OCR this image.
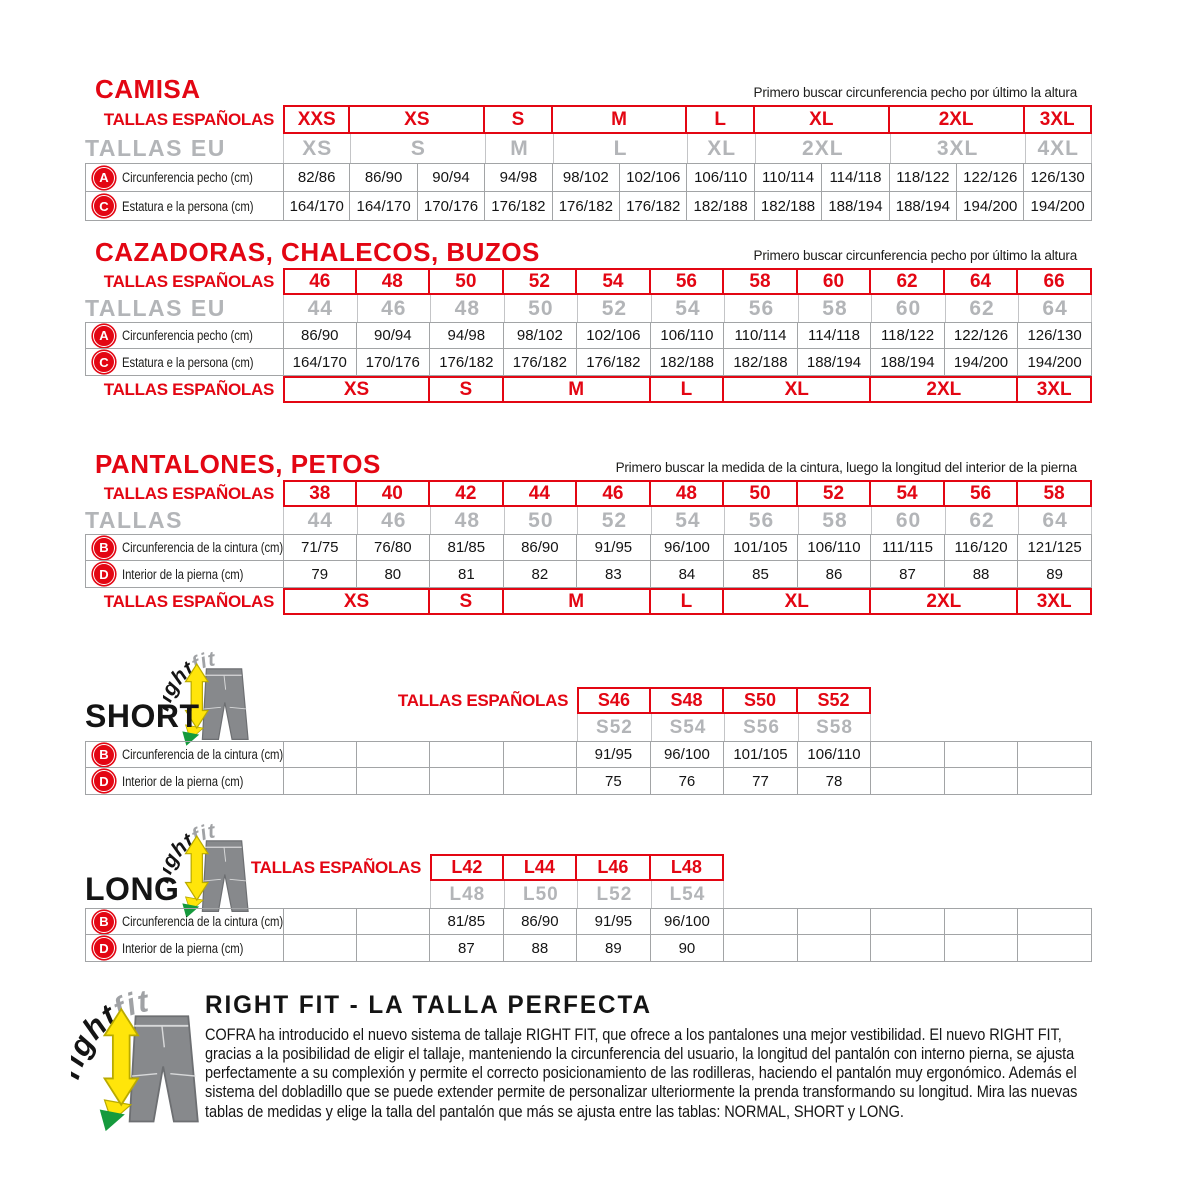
CAMISA	Primero buscar circunferencia pecho por último la altura
TALLAS ESPAÑOLAS	XXS	XS	S	M	L	XL	2XL	3XL
TALLAS EU	XS	S	M	L	XL	2XL	3XL	4XL
A Circunferencia pecho (cm)	82/86	86/90	90/94	94/98	98/102	102/106 106/110 110/114	114/118 118/122 122/126 126/130
C Estatura e la persona (cm)	164/170 164/170 170/176 176/182 176/182 176/182 182/188 182/188 188/194 188/194 194/200 194/200
CAZADORAS, CHALECOS, BUZOS	Primero buscar circunferencia pecho por último la altura
TALLAS ESPAÑOLAS	46	48	50	52	54	56	58	60	62	64	66
TALLAS EU	44	46	48	50	52	54	56	58	60	62	64
A Circunferencia pecho (cm)	86/90	90/94	94/98	98/102	102/106	106/110	110/114	114/118	118/122	122/126	126/130
C Estatura e la persona (cm)	164/170	170/176	176/182	176/182	176/182	182/188	182/188	188/194	188/194	194/200	194/200
TALLAS ESPAÑOLAS	XS	S	M	L	XL	2XL	3XL
PANTALONES, PETOS	Primero buscar la medida de la cintura, luego la longitud del interior de la pierna
TALLAS ESPAÑOLAS	38	40	42	44	46	48	50	52	54	56	58
TALLAS	44	46	48	50	52	54	56	58	60	62	64
B Circunferencia de la cintura (cm)	71/75	76/80	81/85	86/90	91/95	96/100	101/105	106/110	111/115	116/120	121/125
D Interior de la pierna (cm)	79	80	81	82	83	84	85	86	87	88	89
TALLAS ESPAÑOLAS	XS	S	M	L	XL	2XL	3XL
SHORT	TALLAS ESPAÑOLAS	S46	S48	S50	S52
S52	S54	S56	S58
B Circunferencia de la cintura (cm)	91/95	96/100	101/105	106/110
D Interior de la pierna (cm)	75	76	77	78
LONG
TALLAS ESPAÑOLAS	L42	L44	L46	L48
L48	L50	L52	L54
B Circunferencia de la cintura (cm)	81/85	86/90	91/95	96/100
D Interior de la pierna (cm)	87	88	89	90
RIGHT FIT - LA TALLA PERFECTA
COFRA ha introducido el nuevo sistema de tallaje RIGHT FIT, que ofrece a los pantalones una mejor vestibilidad. El nuevo RIGHT FIT, gracias a la posibilidad de eligir el tallaje, manteniendo la circunferencia del usuario, la longitud del pantalón con interno pierna, se ajusta perfectamente a su complexión y permite el correcto posicionamiento de las rodilleras, haciendo el pantalón muy ergonómico. Además el sistema del dobladillo que se puede extender permite de personalizar ulteriormente la prenda transformando su longitud. Mira las nuevas tablas de medidas y elige la talla del pantalón que más se ajusta entre las tablas: NORMAL, SHORT y LONG.
